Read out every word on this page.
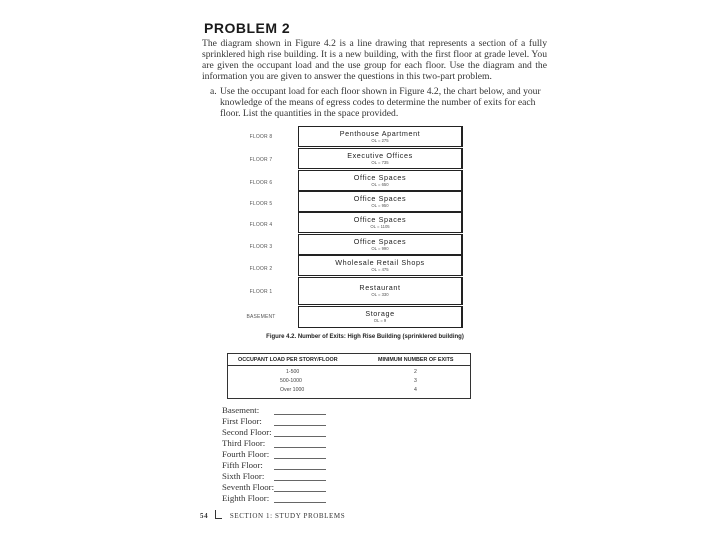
PROBLEM 2
The diagram shown in Figure 4.2 is a line drawing that represents a section of a fully sprinklered high rise building. It is a new building, with the first floor at grade level. You are given the occupant load and the use group for each floor. Use the diagram and the information you are given to answer the questions in this two-part problem.
a. Use the occupant load for each floor shown in Figure 4.2, the chart below, and your knowledge of the means of egress codes to determine the number of exits for each floor. List the quantities in the space provided.
FLOOR 8
FLOOR 7
FLOOR 6
FLOOR 5
FLOOR 4
FLOOR 3
FLOOR 2
FLOOR 1
BASEMENT
Penthouse Apartment
OL = 275
Executive Offices
OL = 735
Office Spaces
OL = 650
Office Spaces
OL = 950
Office Spaces
OL = 1105
Office Spaces
OL = 990
Wholesale Retail Shops
OL = 475
Restaurant
OL = 330
Storage
OL = 9
Figure 4.2. Number of Exits: High Rise Building (sprinklered building)
OCCUPANT LOAD PER STORY/FLOOR	MINIMUM NUMBER OF EXITS
1-500	2
500-1000	3
Over 1000	4
Basement:
First Floor:
Second Floor:
Third Floor:
Fourth Floor:
Fifth Floor:
Sixth Floor:
Seventh Floor:
Eighth Floor:
54	SECTION 1: STUDY PROBLEMS
